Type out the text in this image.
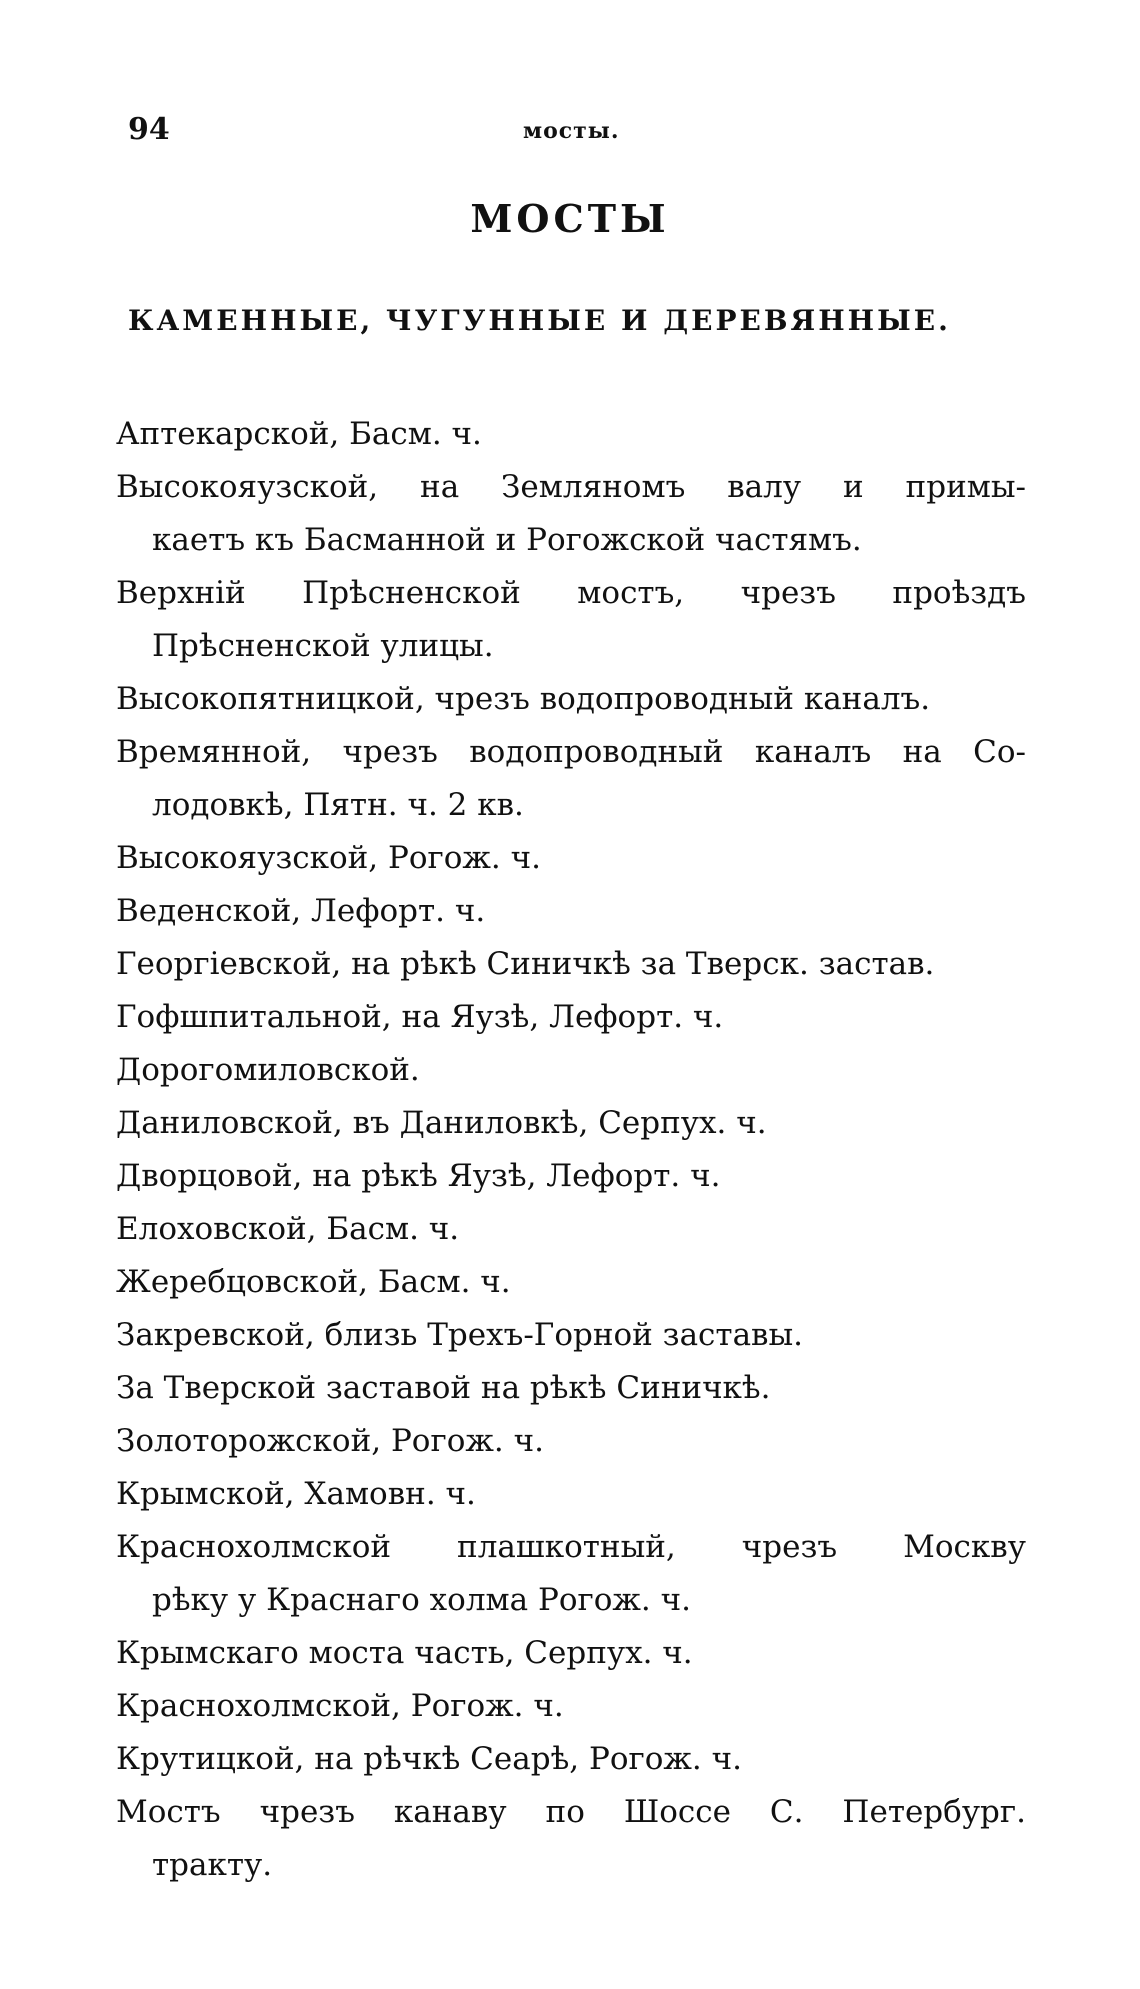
94	мосты.
МОСТЫ
КАМЕННЫЕ, ЧУГУННЫЕ И ДЕРЕВЯННЫЕ.
Аптекарской, Басм. ч.
Высокояузской, на Земляномъ валу и примы-
каетъ къ Басманной и Рогожской частямъ.
Верхній Прѣсненской мостъ, чрезъ проѣздъ
Прѣсненской улицы.
Высокопятницкой, чрезъ водопроводный каналъ.
Времянной, чрезъ водопроводный каналъ на Со-
лодовкѣ, Пятн. ч. 2 кв.
Высокояузской, Рогож. ч.
Веденской, Лефорт. ч.
Георгіевской, на рѣкѣ Синичкѣ за Тверск. застав.
Гофшпитальной, на Яузѣ, Лефорт. ч.
Дорогомиловской.
Даниловской, въ Даниловкѣ, Серпух. ч.
Дворцовой, на рѣкѣ Яузѣ, Лефорт. ч.
Елоховской, Басм. ч.
Жеребцовской, Басм. ч.
Закревской, близь Трехъ-Горной заставы.
За Тверской заставой на рѣкѣ Синичкѣ.
Золоторожской, Рогож. ч.
Крымской, Хамовн. ч.
Краснохолмской плашкотный, чрезъ Москву
рѣку у Краснаго холма Рогож. ч.
Крымскаго моста часть, Серпух. ч.
Краснохолмской, Рогож. ч.
Крутицкой, на рѣчкѣ Сеарѣ, Рогож. ч.
Мостъ чрезъ канаву по Шоссе С. Петербург.
тракту.
